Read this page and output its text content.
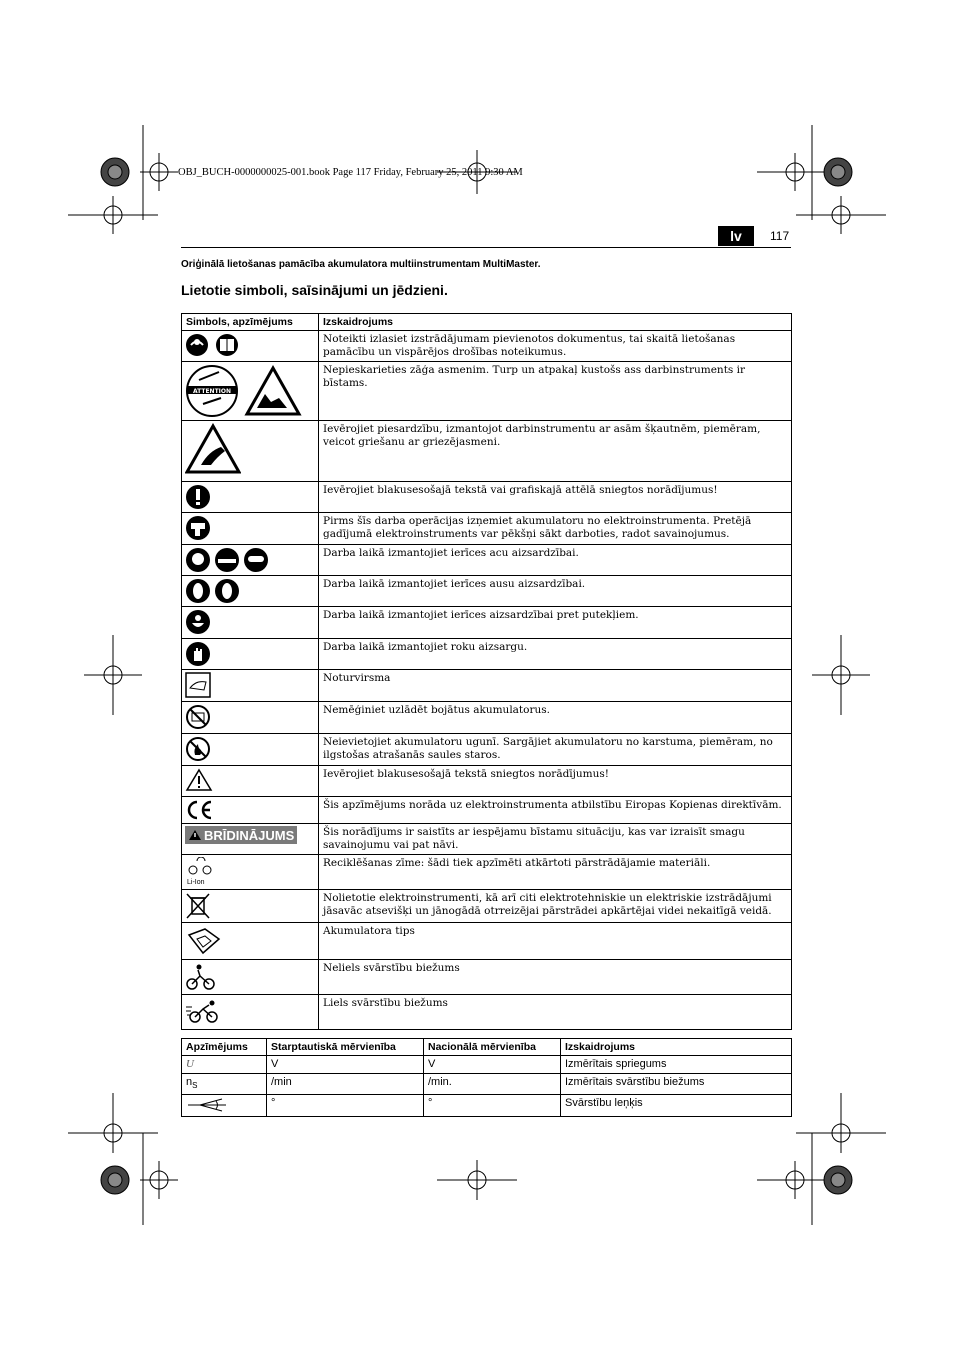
OBJ_BUCH-0000000025-001.book Page 117 Friday, February 25, 2011 9:30 AM
lv	117
Oriģinālā lietošanas pamācība akumulatora multiinstrumentam MultiMaster.
Lietotie simboli, saīsinājumi un jēdzieni.
Simbols, apzīmējums	Izskaidrojums
	Noteikti izlasiet izstrādājumam pievienotos dokumentus, tai skaitā lietošanas pamācību un vispārējos drošības noteikumus.

ATTENTION	Nepieskarieties zāģa asmenim. Turp un atpakaļ kustošs ass darbinstruments ir bīstams.
	Ievērojiet piesardzību, izmantojot darbinstrumentu ar asām šķautnēm, piemēram, veicot griešanu ar griezējasmeni.
	Ievērojiet blakusesošajā tekstā vai grafiskajā attēlā sniegtos norādījumus!
	Pirms šīs darba operācijas izņemiet akumulatoru no elektroinstrumenta. Pretējā gadījumā elektroinstruments var pēkšņi sākt darboties, radot savainojumus.
	Darba laikā izmantojiet ierīces acu aizsardzībai.
	Darba laikā izmantojiet ierīces ausu aizsardzībai.
	Darba laikā izmantojiet ierīces aizsardzībai pret putekļiem.
	Darba laikā izmantojiet roku aizsargu.
	Noturvirsma
	Nemēģiniet uzlādēt bojātus akumulatorus.
	Neievietojiet akumulatoru ugunī. Sargājiet akumulatoru no karstuma, piemēram, no ilgstošas atrašanās saules staros.
	Ievērojiet blakusesošajā tekstā sniegtos norādījumus!
	Šis apzīmējums norāda uz elektroinstrumenta atbilstību Eiropas Kopienas direktīvām.

BRĪDINĀJUMS	Šis norādījums ir saistīts ar iespējamu bīstamu situāciju, kas var izraisīt smagu savainojumu vai pat nāvi.

Li-Ion	Reciklēšanas zīme: šādi tiek apzīmēti atkārtoti pārstrādājamie materiāli.
	Nolietotie elektroinstrumenti, kā arī citi elektrotehniskie un elektriskie izstrādājumi jāsavāc atsevišķi un jānogādā otrreizējai pārstrādei apkārtējai videi nekaitīgā veidā.
	Akumulatora tips
	Neliels svārstību biežums
	Liels svārstību biežums
Apzīmējums	Starptautiskā mērvienība	Nacionālā mērvienība	Izskaidrojums
U	V	V	Izmērītais spriegums
$n_S$	/min	/min.	Izmērītais svārstību biežums
	°	°	Svārstību leņķis
